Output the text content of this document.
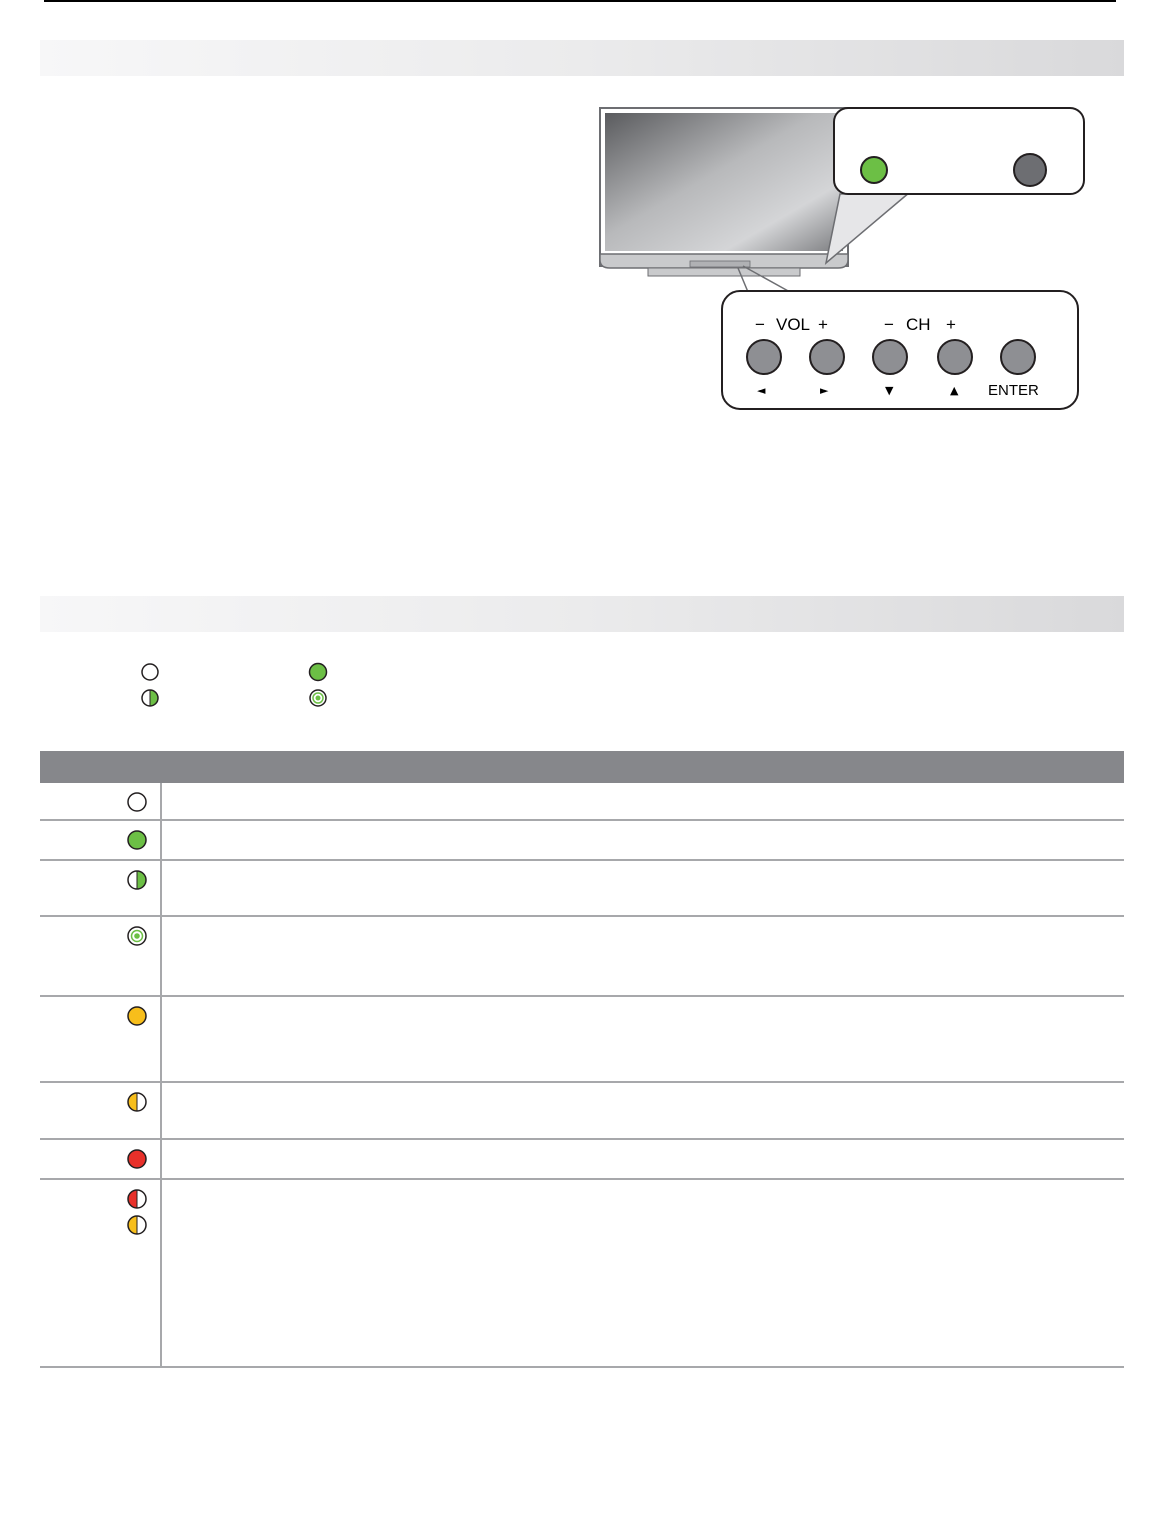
− VOL +	− CH +
◄	►	▼	▲ ENTER
